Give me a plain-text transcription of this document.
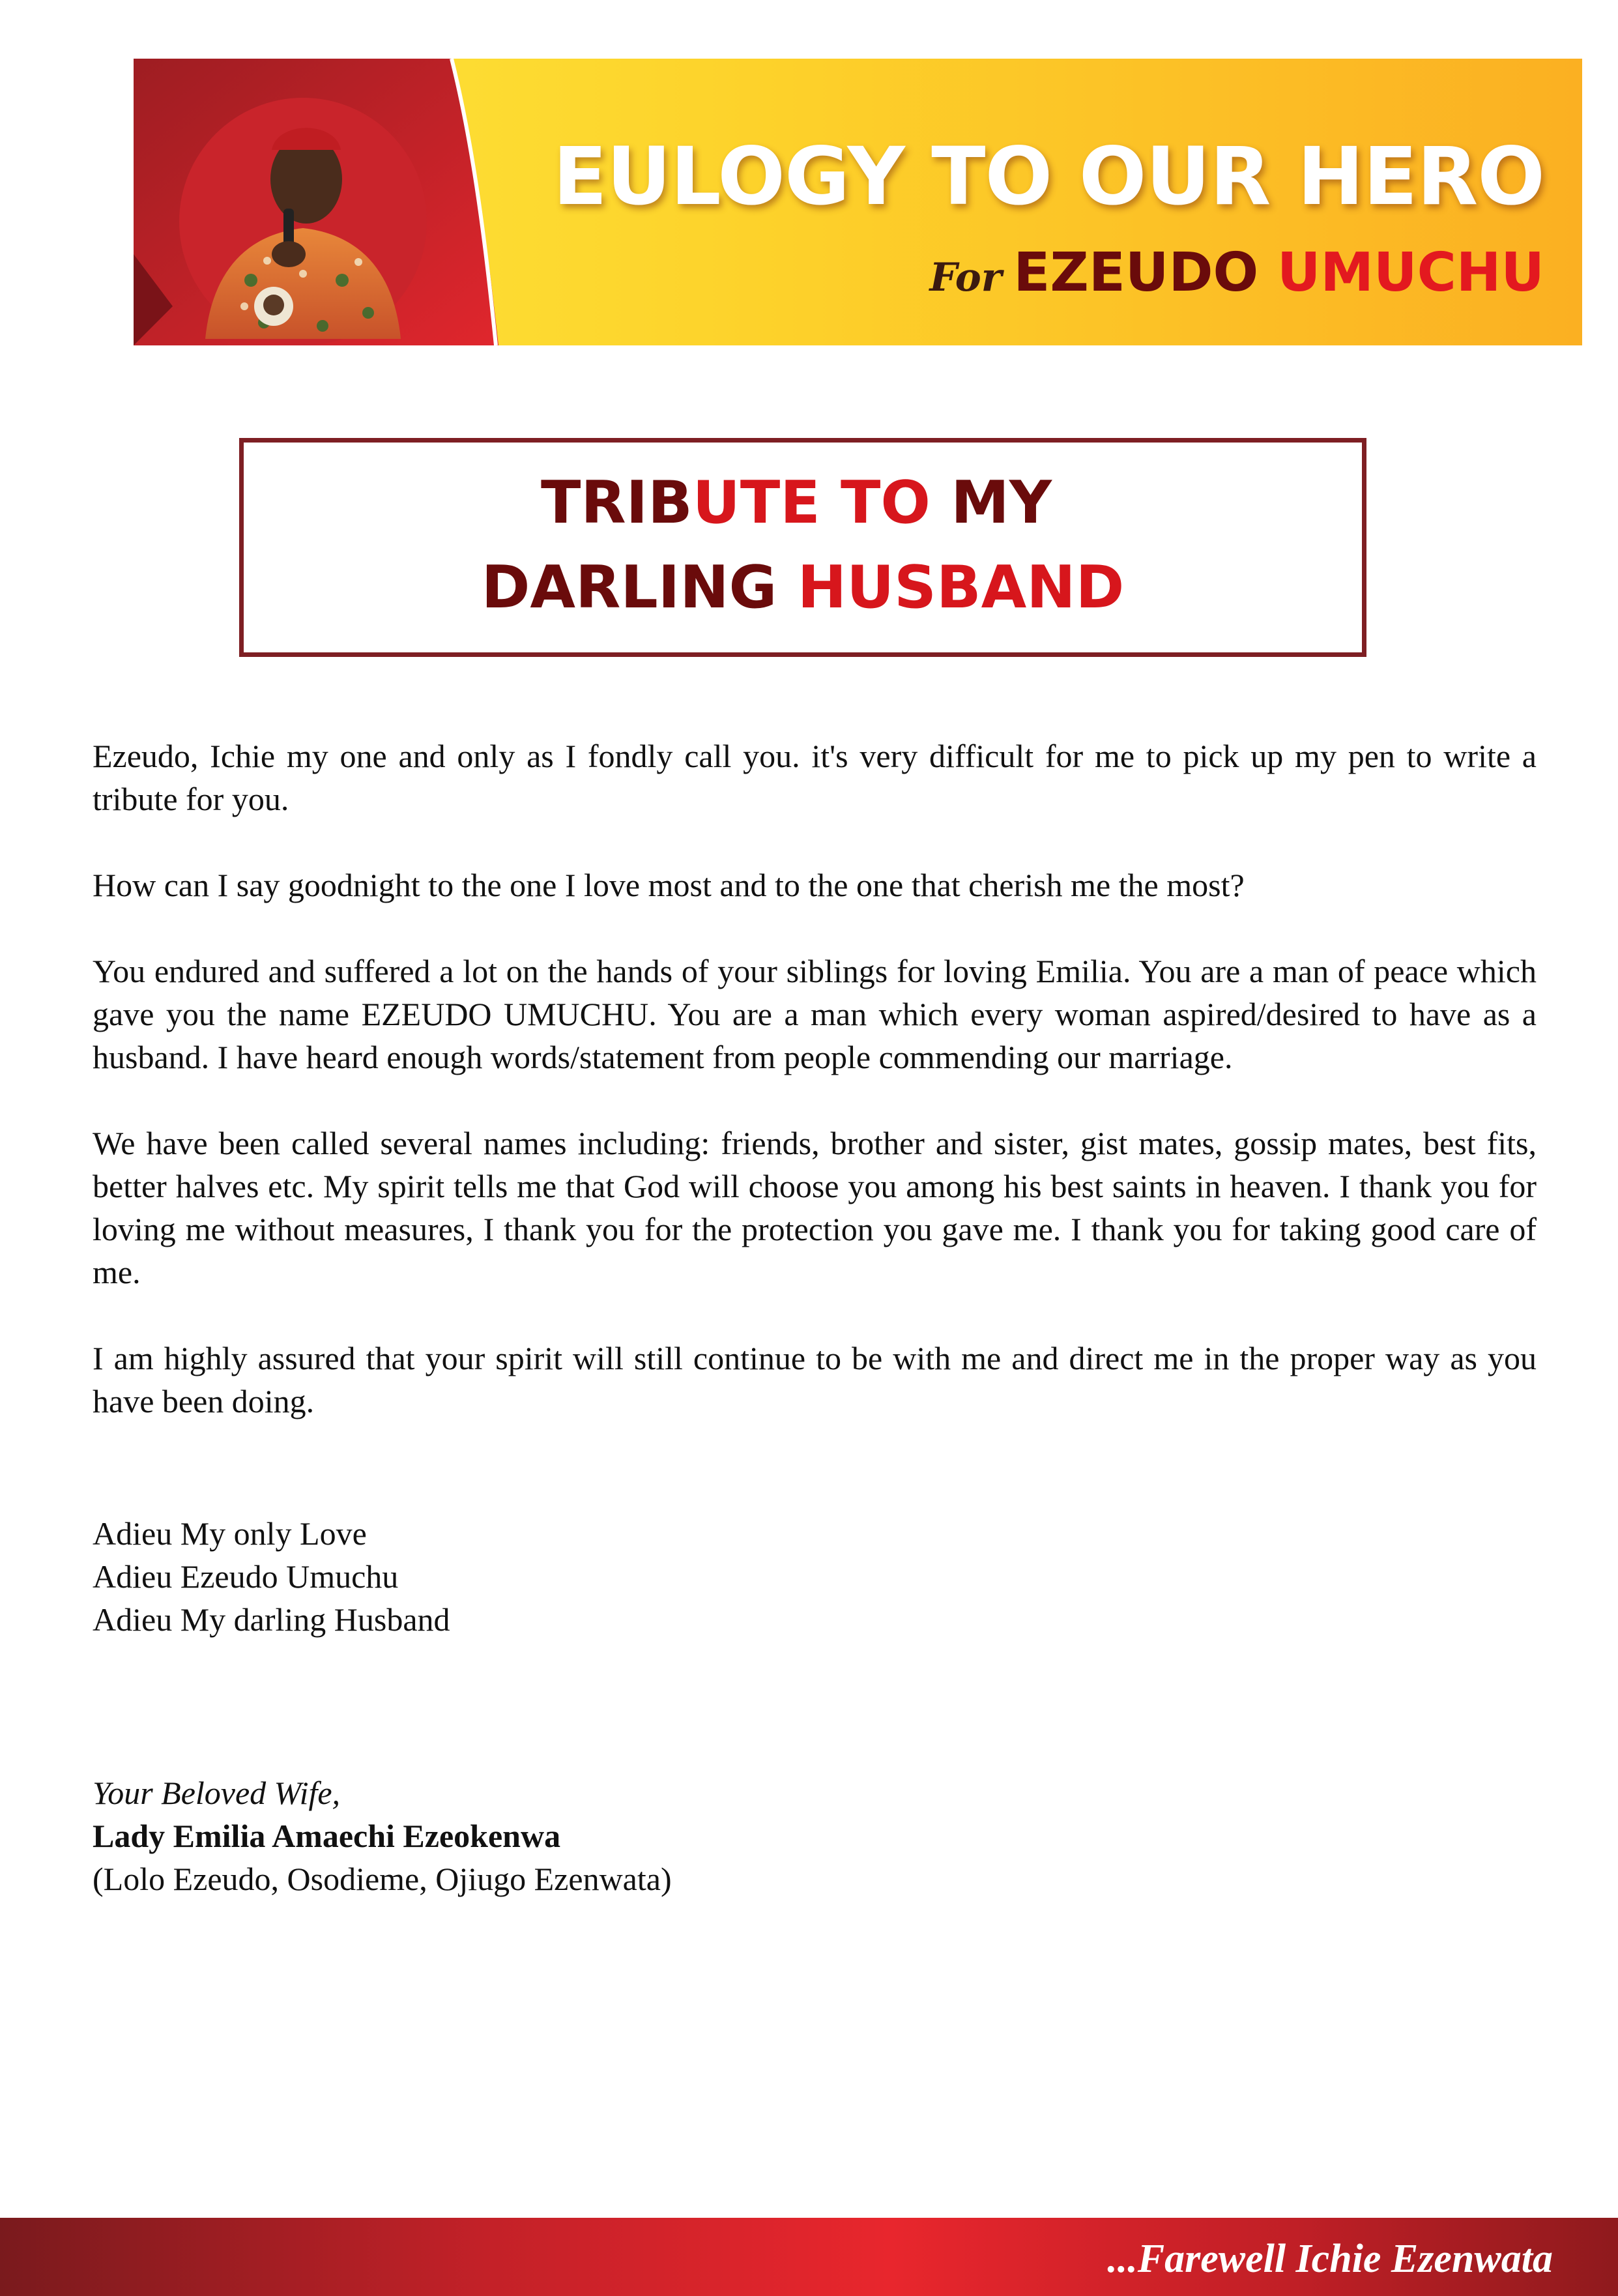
EULOGY TO OUR HERO
For EZEUDO UMUCHU
TRIBUTE TO MY
DARLING HUSBAND

Ezeudo, Ichie my one and only as I fondly call you. it's very difficult for me to pick up my pen to write a tribute for you.

How can I say goodnight to the one I love most and to the one that cherish me the most?

You endured and suffered a lot on the hands of your siblings for loving Emilia. You are a man of peace which gave you the name EZEUDO UMUCHU. You are a man which every woman aspired/desired to have as a husband. I have heard enough words/statement from people commending our marriage.

We have been called several names including: friends, brother and sister, gist mates, gossip mates, best fits, better halves etc. My spirit tells me that God will choose you among his best saints in heaven. I thank you for loving me without measures, I thank you for the protection you gave me. I thank you for taking good care of me.

I am highly assured that your spirit will still continue to be with me and direct me in the proper way as you have been doing.

Adieu My only Love
Adieu Ezeudo Umuchu
Adieu My darling Husband
Your Beloved Wife,
Lady Emilia Amaechi Ezeokenwa
(Lolo Ezeudo, Osodieme, Ojiugo Ezenwata)
...Farewell Ichie Ezenwata
